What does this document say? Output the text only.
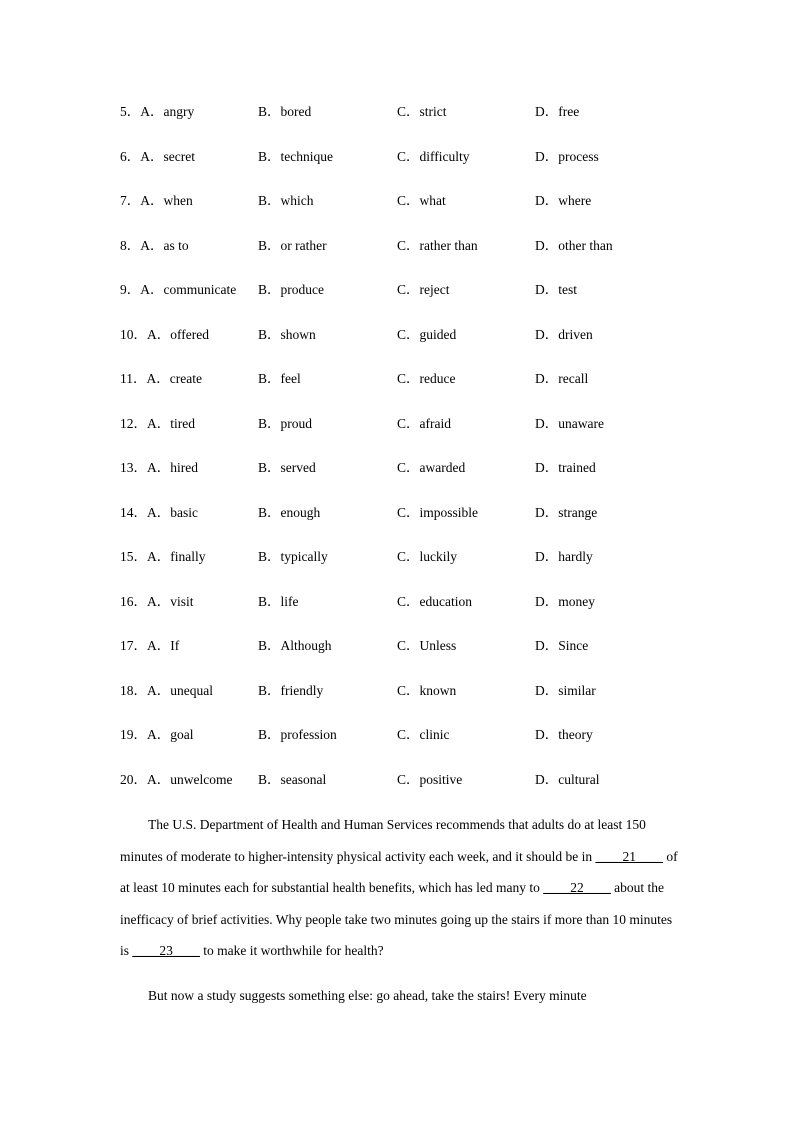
5．A．angry	B．bored	C．strict	D．free
6．A．secret	B．technique	C．difficulty	D．process
7．A．when	B．which	C．what	D．where
8．A．as to	B．or rather	C．rather than	D．other than
9．A．communicate B．produce	C．reject	D．test
10．A．offered	B．shown	C．guided	D．driven
11．A．create	B．feel	C．reduce	D．recall
12．A．tired	B．proud	C．afraid	D．unaware
13．A．hired	B．served	C．awarded	D．trained
14．A．basic	B．enough	C．impossible	D．strange
15．A．finally	B．typically	C．luckily	D．hardly
16．A．visit	B．life	C．education	D．money
17．A．If	B．Although	C．Unless	D．Since
18．A．unequal	B．friendly	C．known	D．similar
19．A．goal	B．profession	C．clinic	D．theory
20．A．unwelcome B．seasonal	C．positive	D．cultural
The U.S. Department of Health and Human Services recommends that adults do at least 150 minutes of moderate to higher-intensity physical activity each week, and it should be in ____21____ of at least 10 minutes each for substantial health benefits, which has led many to ____22____ about the inefficacy of brief activities. Why people take two minutes going up the stairs if more than 10 minutes is ____23____ to make it worthwhile for health?
But now a study suggests something else: go ahead, take the stairs! Every minute
